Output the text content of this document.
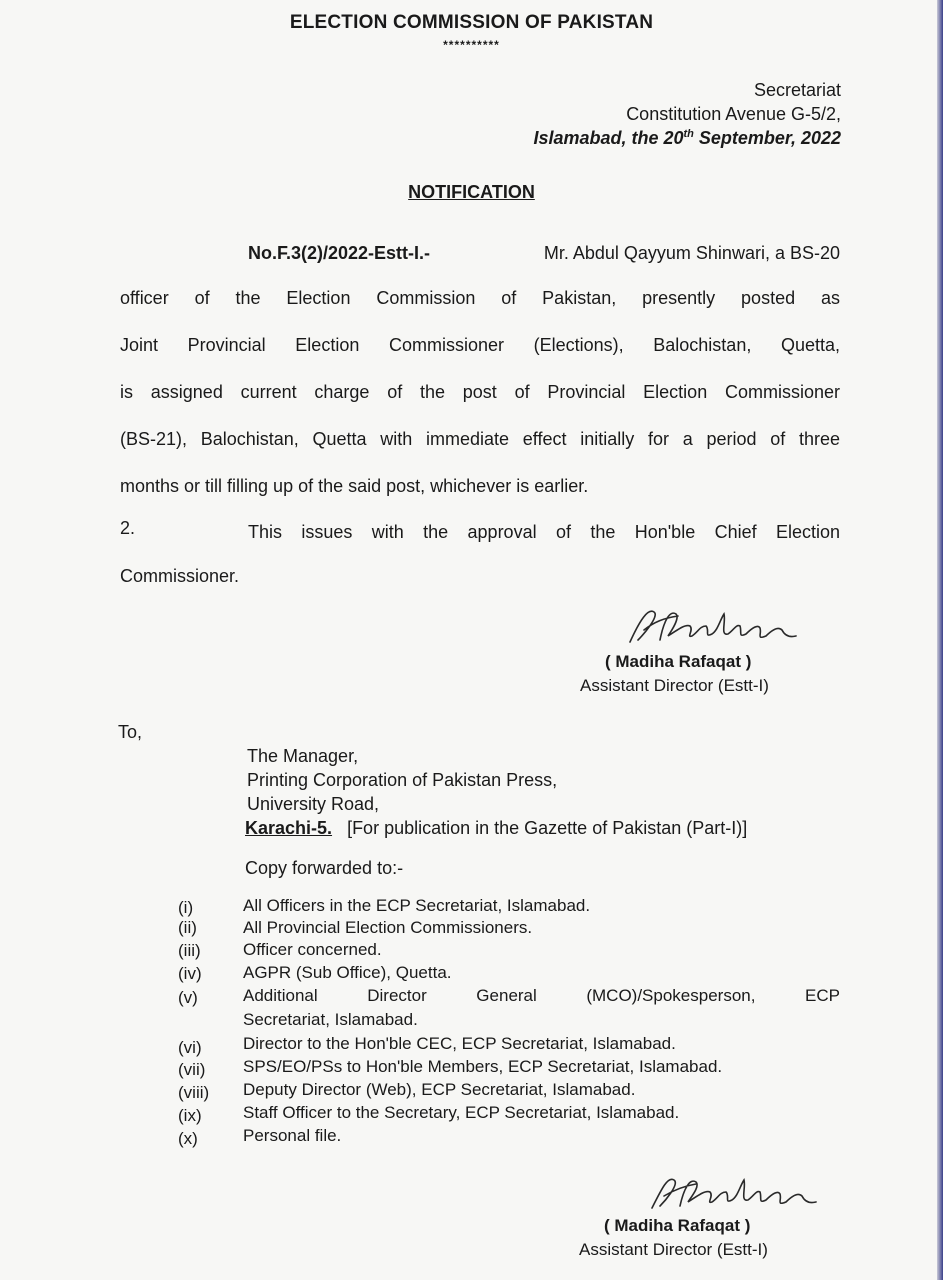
ELECTION COMMISSION OF PAKISTAN
**********
Secretariat
Constitution Avenue G-5/2,
Islamabad, the 20th September, 2022
NOTIFICATION
No.F.3(2)/2022-Estt-I.-	Mr. Abdul Qayyum Shinwari, a BS-20
officer of the Election Commission of Pakistan, presently posted as
Joint Provincial Election Commissioner (Elections), Balochistan, Quetta,
is assigned current charge of the post of Provincial Election Commissioner
(BS-21), Balochistan, Quetta with immediate effect initially for a period of three
months or till filling up of the said post, whichever is earlier.
2.	This issues with the approval of the Hon'ble Chief Election
Commissioner.
( Madiha Rafaqat )
Assistant Director (Estt-I)
To,
The Manager,
Printing Corporation of Pakistan Press,
University Road,
Karachi-5. [For publication in the Gazette of Pakistan (Part-I)]
Copy forwarded to:-
(i)	All Officers in the ECP Secretariat, Islamabad.
(ii)	All Provincial Election Commissioners.
(iii) Officer concerned.
(iv) AGPR (Sub Office), Quetta.
(v)	Additional Director General (MCO)/Spokesperson, ECP
Secretariat, Islamabad.
(vi) Director to the Hon'ble CEC, ECP Secretariat, Islamabad.
(vii) SPS/EO/PSs to Hon'ble Members, ECP Secretariat, Islamabad.
(viii) Deputy Director (Web), ECP Secretariat, Islamabad.
(ix) Staff Officer to the Secretary, ECP Secretariat, Islamabad.
(x)	Personal file.
( Madiha Rafaqat )
Assistant Director (Estt-I)
